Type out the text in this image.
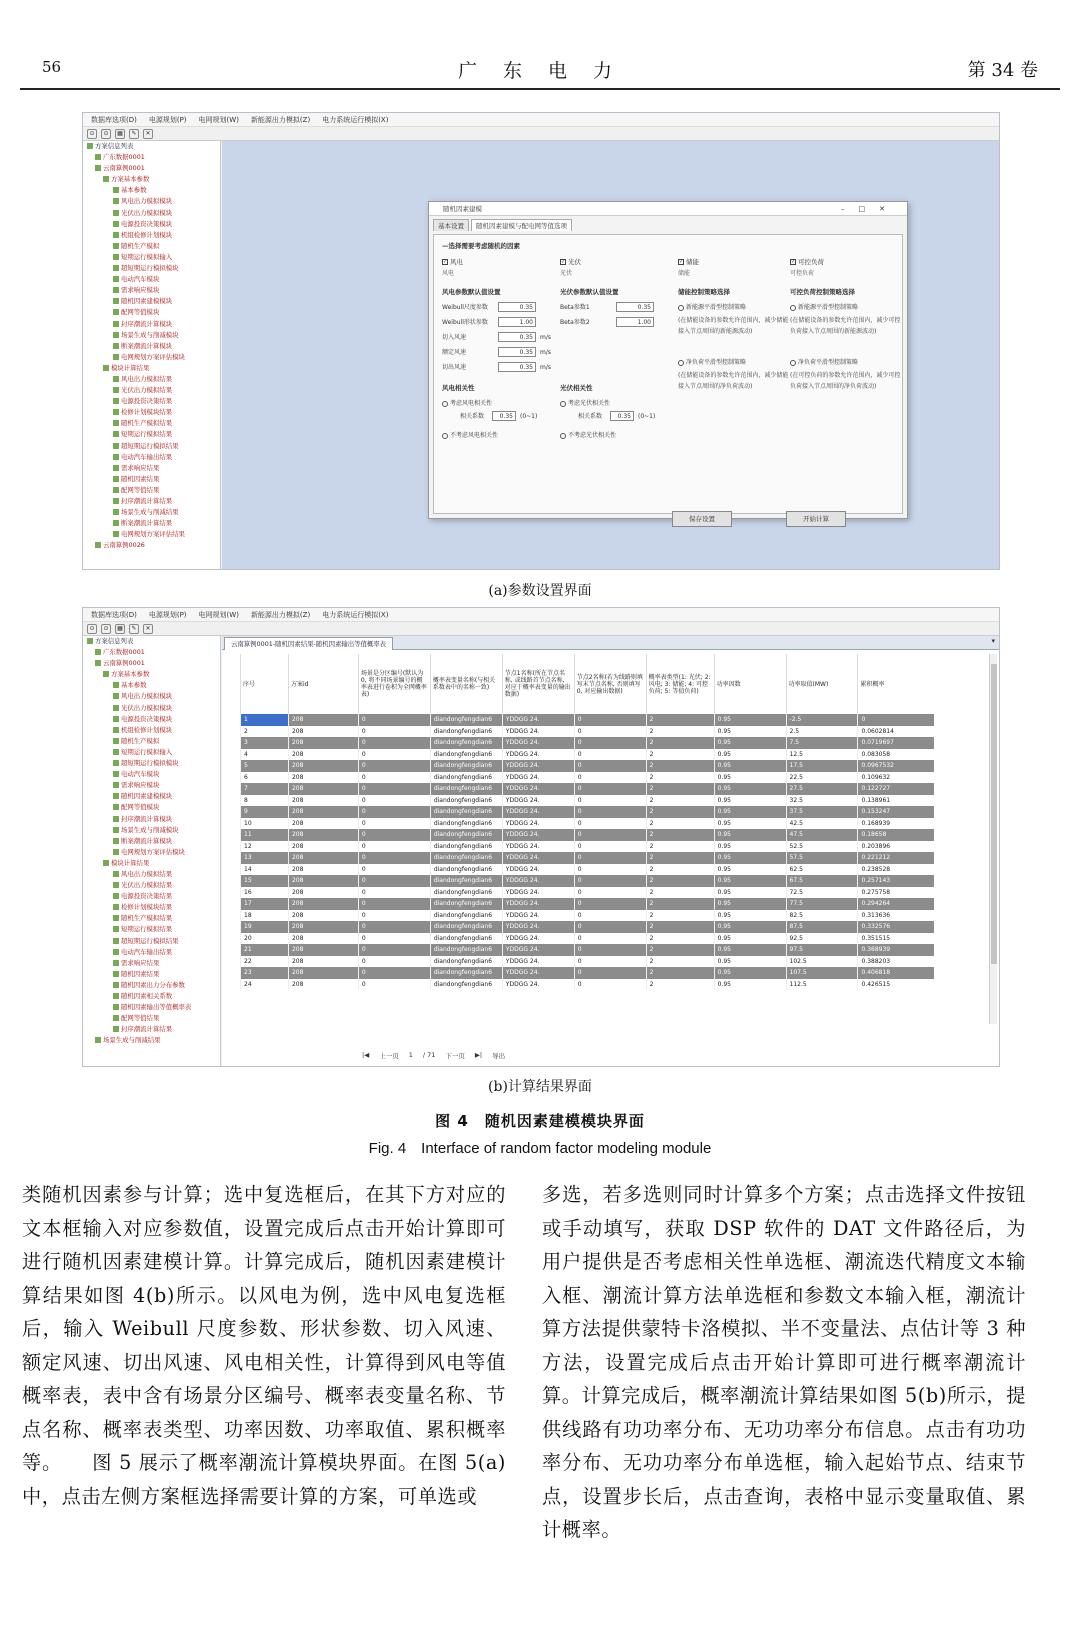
56	广 东 电 力	第 34 卷
数据库选项(D) 电源规划(P) 电网规划(W) 新能源出力模拟(Z) 电力系统运行模拟(X)
⊙	⊙	▦	✎	✕
方案信息列表
广东数据0001
云南算例0001
方案基本参数
基本参数
风电出力模拟模块
光伏出力模拟模块
电源投资决策模块
机组检修计划模块
随机生产模拟
短期运行模拟输入
超短期运行模拟模块
电动汽车模块
需求响应模块
随机因素建模模块
配网等值模块
封序潮流计算模块
场景生成与削减模块
断案潮流计算模块
电网规划方案评估模块
模块计算结果
风电出力模拟结果
光伏出力模拟结果
电源投资决策结果
检修计划模块结果
随机生产模拟结果
短期运行模拟结果
超短期运行模拟结果
电动汽车输出结果
需求响应结果
随机因素结果
配网等值结果
封序潮流计算结果
场景生成与削减结果
断案潮流计算结果
电网规划方案评估结果
云南算例0026
随机因素建模	–□✕
基本设置	随机因素建模与配电网等值选项
—选择需要考虑随机的因素
✓ 风电
风电
风电参数默认值设置
Weibull尺度参数	0.35
Weibull形状参数	1.00
切入风速	0.35	m/s
额定风速	0.35	m/s
切出风速	0.35	m/s
风电相关性
考虑风电相关性
相关系数	0.35	(0~1)
不考虑风电相关性
✓ 光伏
光伏
光伏参数默认值设置
Beta参数1	0.35
Beta参数2	1.00
光伏相关性
考虑光伏相关性
相关系数	0.35	(0~1)
不考虑光伏相关性
✓ 储能
储能
储能控制策略选择
新能源平滑型控制策略
(在储能设备的参数允许范围内，减少储能接入节点周围的新能源波动)
净负荷平滑型控制策略
(在储能设备的参数允许范围内，减少储能接入节点周围的净负荷波动)
✓ 可控负荷
可控负荷
可控负荷控制策略选择
新能源平滑型控制策略
(在储能设备的参数允许范围内，减少可控负荷接入节点周围的新能源波动)
净负荷平滑型控制策略
(在可控负荷的参数允许范围内，减少可控负荷接入节点周围的净负荷波动)
保存设置	开始计算
(a)参数设置界面
数据库选项(D) 电源规划(P) 电网规划(W) 新能源出力模拟(Z) 电力系统运行模拟(X)
⊙	⊙	▦	✎	✕
方案信息列表
广东数据0001
云南算例0001
方案基本参数
基本参数
风电出力模拟模块
光伏出力模拟模块
电源投资决策模块
机组检修计划模块
随机生产模拟
短期运行模拟输入
超短期运行模拟模块
电动汽车模块
需求响应模块
随机因素建模模块
配网等值模块
封序潮流计算模块
场景生成与削减模块
断案潮流计算模块
电网规划方案评估模块
模块计算结果
风电出力模拟结果
光伏出力模拟结果
电源投资决策结果
检修计划模块结果
随机生产模拟结果
短期运行模拟结果
超短期运行模拟结果
电动汽车输出结果
需求响应结果
随机因素结果
随机因素出力分布参数
随机因素相关系数
随机因素输出等值概率表
配网等值结果
封序潮流计算结果
场景生成与削减结果
云南算例0001-随机因素结果-随机因素输出等值概率表	▾
序号	方案id	场景是分区编号(默认为0, 将不同场景编号的概率表进行卷积为全网概率表)	概率表变量名称(与相关系数表中的名称一致)	节点1名称(所在节点名称, 或线路首节点名称, 对应于概率表变量的输出数据)	节点2名称(若为线路则填写末节点名称, 否则填写0, 对应输出数据)	概率表类型(1: 光伏; 2: 风电; 3: 储能; 4: 可控负荷; 5: 等值负荷)	功率因数	功率取值(MW)	累积概率
1	208	0	diandongfengdian6	YDDGG 24.	0	2	0.95	-2.5	0
2	208	0	diandongfengdian6	YDDGG 24.	0	2	0.95	2.5	0.0602814
3	208	0	diandongfengdian6	YDDGG 24.	0	2	0.95	7.5	0.0719697
4	208	0	diandongfengdian6	YDDGG 24.	0	2	0.95	12.5	0.083058
5	208	0	diandongfengdian6	YDDGG 24.	0	2	0.95	17.5	0.0967532
6	208	0	diandongfengdian6	YDDGG 24.	0	2	0.95	22.5	0.109632
7	208	0	diandongfengdian6	YDDGG 24.	0	2	0.95	27.5	0.122727
8	208	0	diandongfengdian6	YDDGG 24.	0	2	0.95	32.5	0.138961
9	208	0	diandongfengdian6	YDDGG 24.	0	2	0.95	37.5	0.153247
10	208	0	diandongfengdian6	YDDGG 24.	0	2	0.95	42.5	0.168939
11	208	0	diandongfengdian6	YDDGG 24.	0	2	0.95	47.5	0.18658
12	208	0	diandongfengdian6	YDDGG 24.	0	2	0.95	52.5	0.203896
13	208	0	diandongfengdian6	YDDGG 24.	0	2	0.95	57.5	0.221212
14	208	0	diandongfengdian6	YDDGG 24.	0	2	0.95	62.5	0.238528
15	208	0	diandongfengdian6	YDDGG 24.	0	2	0.95	67.5	0.257143
16	208	0	diandongfengdian6	YDDGG 24.	0	2	0.95	72.5	0.275758
17	208	0	diandongfengdian6	YDDGG 24.	0	2	0.95	77.5	0.294264
18	208	0	diandongfengdian6	YDDGG 24.	0	2	0.95	82.5	0.313636
19	208	0	diandongfengdian6	YDDGG 24.	0	2	0.95	87.5	0.332576
20	208	0	diandongfengdian6	YDDGG 24.	0	2	0.95	92.5	0.351515
21	208	0	diandongfengdian6	YDDGG 24.	0	2	0.95	97.5	0.368939
22	208	0	diandongfengdian6	YDDGG 24.	0	2	0.95	102.5	0.388203
23	208	0	diandongfengdian6	YDDGG 24.	0	2	0.95	107.5	0.406818
24	208	0	diandongfengdian6	YDDGG 24.	0	2	0.95	112.5	0.426515
|◀ 上一页 1 / 71 下一页 ▶| 导出
(b)计算结果界面
图 4　随机因素建模模块界面
Fig. 4　Interface of random factor modeling module
类随机因素参与计算；选中复选框后，在其下方对应的文本框输入对应参数值，设置完成后点击开始计算即可进行随机因素建模计算。计算完成后，随机因素建模计算结果如图 4(b)所示。以风电为例，选中风电复选框后，输入 Weibull 尺度参数、形状参数、切入风速、额定风速、切出风速、风电相关性，计算得到风电等值概率表，表中含有场景分区编号、概率表变量名称、节点名称、概率表类型、功率因数、功率取值、累积概率等。　　图 5 展示了概率潮流计算模块界面。在图 5(a)中，点击左侧方案框选择需要计算的方案，可单选或
多选，若多选则同时计算多个方案；点击选择文件按钮或手动填写，获取 DSP 软件的 DAT 文件路径后，为用户提供是否考虑相关性单选框、潮流迭代精度文本输入框、潮流计算方法单选框和参数文本输入框，潮流计算方法提供蒙特卡洛模拟、半不变量法、点估计等 3 种方法，设置完成后点击开始计算即可进行概率潮流计算。计算完成后，概率潮流计算结果如图 5(b)所示，提供线路有功功率分布、无功功率分布信息。点击有功功率分布、无功功率分布单选框，输入起始节点、结束节点，设置步长后，点击查询，表格中显示变量取值、累计概率。
